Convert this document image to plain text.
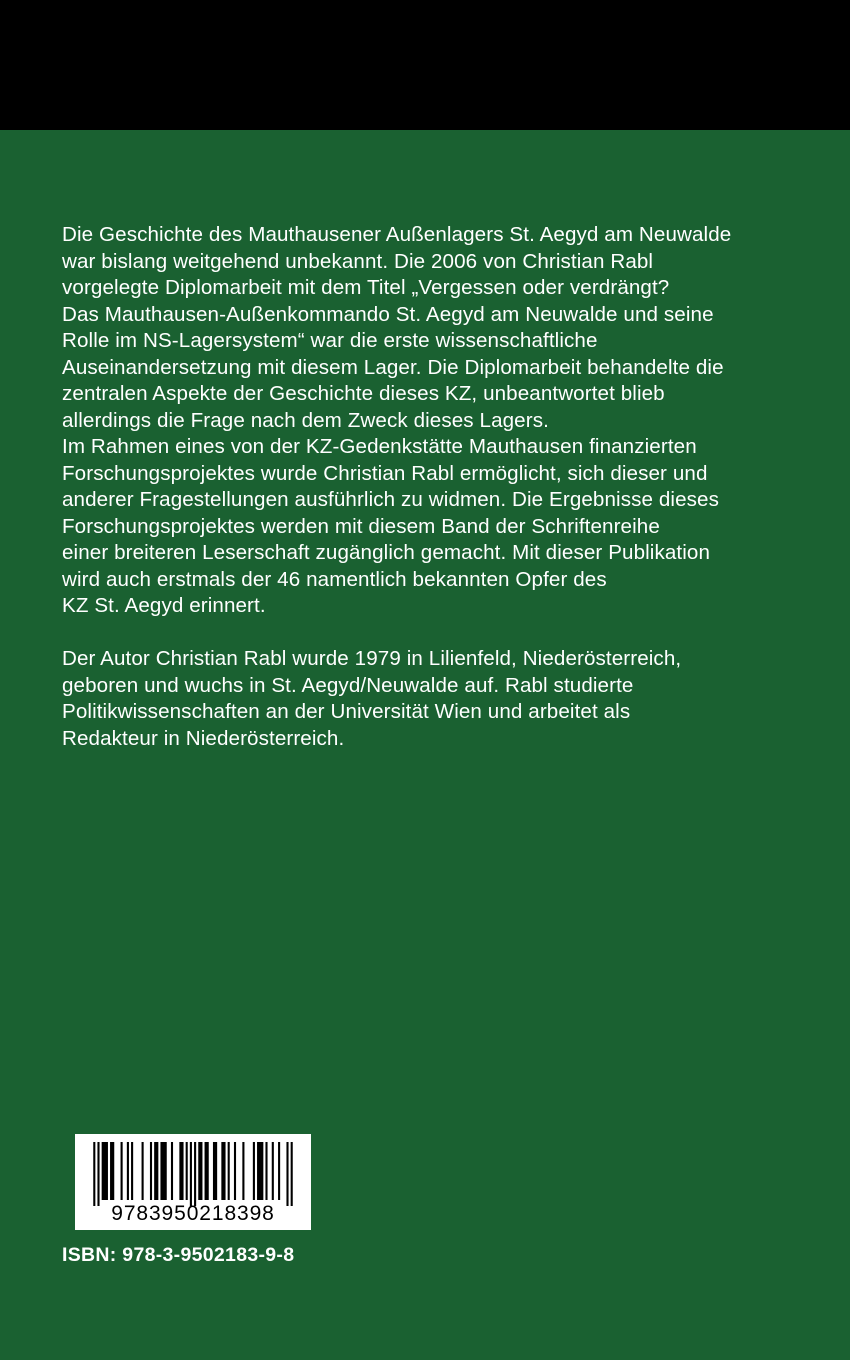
Die Geschichte des Mauthausener Außenlagers St. Aegyd am Neuwalde
war bislang weitgehend unbekannt. Die 2006 von Christian Rabl
vorgelegte Diplomarbeit mit dem Titel „Vergessen oder verdrängt?
Das Mauthausen-Außenkommando St. Aegyd am Neuwalde und seine
Rolle im NS-Lagersystem“ war die erste wissenschaftliche
Auseinandersetzung mit diesem Lager. Die Diplomarbeit behandelte die
zentralen Aspekte der Geschichte dieses KZ, unbeantwortet blieb
allerdings die Frage nach dem Zweck dieses Lagers.
Im Rahmen eines von der KZ-Gedenkstätte Mauthausen finanzierten
Forschungsprojektes wurde Christian Rabl ermöglicht, sich dieser und
anderer Fragestellungen ausführlich zu widmen. Die Ergebnisse dieses
Forschungsprojektes werden mit diesem Band der Schriftenreihe
einer breiteren Leserschaft zugänglich gemacht. Mit dieser Publikation
wird auch erstmals der 46 namentlich bekannten Opfer des
KZ St. Aegyd erinnert.
Der Autor Christian Rabl wurde 1979 in Lilienfeld, Niederösterreich,
geboren und wuchs in St. Aegyd/Neuwalde auf. Rabl studierte
Politikwissenschaften an der Universität Wien und arbeitet als
Redakteur in Niederösterreich.
9783950218398
ISBN: 978-3-9502183-9-8
